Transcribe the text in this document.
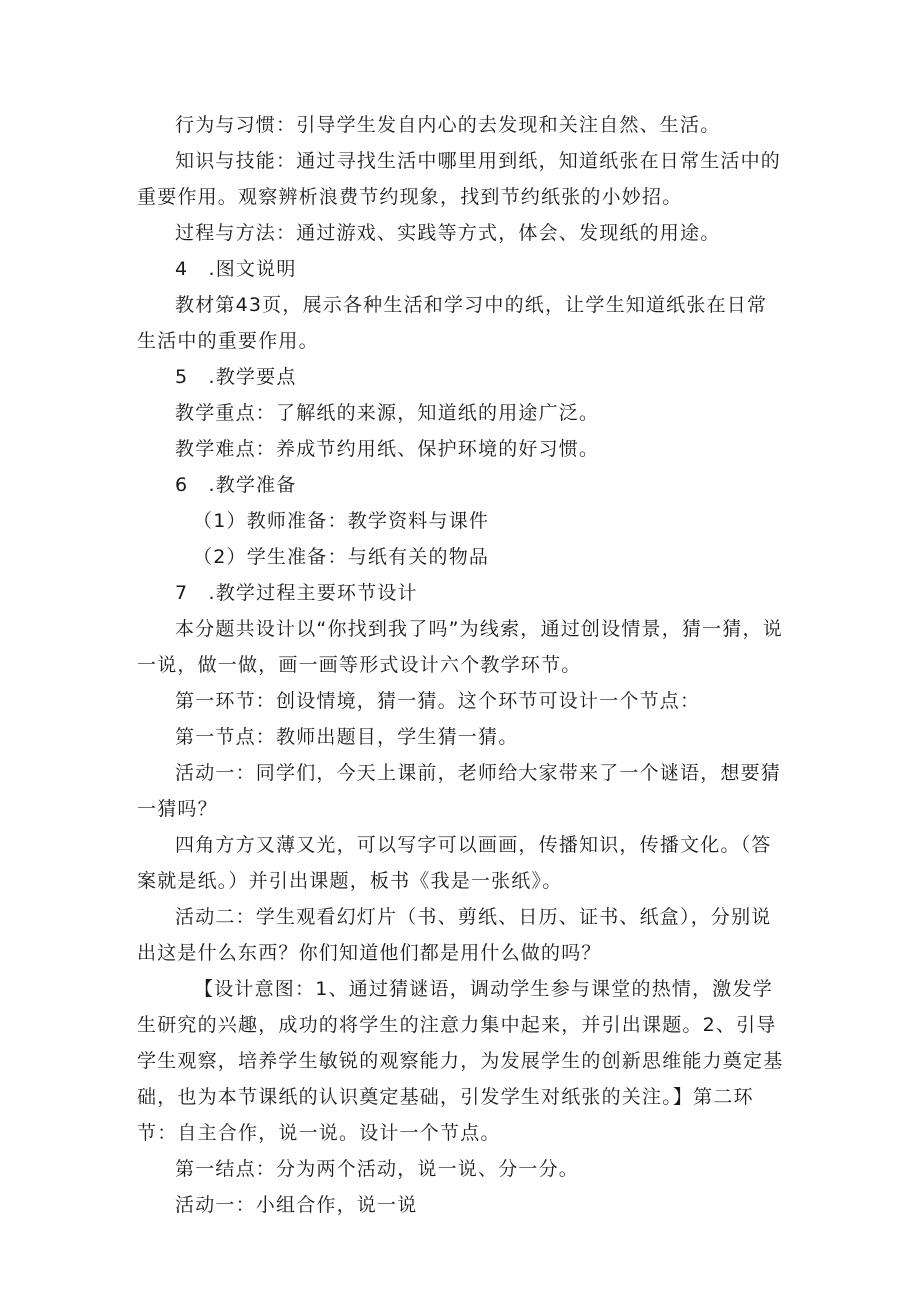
行为与习惯：引导学生发自内心的去发现和关注自然、生活。

知识与技能：通过寻找生活中哪里用到纸，知道纸张在日常生活中的重要作用。观察辨析浪费节约现象，找到节约纸张的小妙招。

过程与方法：通过游戏、实践等方式，体会、发现纸的用途。

4　.图文说明

教材第43页，展示各种生活和学习中的纸，让学生知道纸张在日常生活中的重要作用。

5　.教学要点

教学重点：了解纸的来源，知道纸的用途广泛。

教学难点：养成节约用纸、保护环境的好习惯。

6　.教学准备

（1）教师准备：教学资料与课件

（2）学生准备：与纸有关的物品

7　.教学过程主要环节设计

本分题共设计以“你找到我了吗”为线索，通过创设情景，猜一猜，说一说，做一做，画一画等形式设计六个教学环节。

第一环节：创设情境，猜一猜。这个环节可设计一个节点：

第一节点：教师出题目，学生猜一猜。

活动一：同学们，今天上课前，老师给大家带来了一个谜语，想要猜一猜吗？

四角方方又薄又光，可以写字可以画画，传播知识，传播文化。（答案就是纸。）并引出课题，板书《我是一张纸》。

活动二：学生观看幻灯片（书、剪纸、日历、证书、纸盒），分别说出这是什么东西？你们知道他们都是用什么做的吗？

【设计意图：1、通过猜谜语，调动学生参与课堂的热情，激发学生研究的兴趣，成功的将学生的注意力集中起来，并引出课题。2、引导学生观察，培养学生敏锐的观察能力，为发展学生的创新思维能力奠定基础，也为本节课纸的认识奠定基础，引发学生对纸张的关注。】第二环节：自主合作，说一说。设计一个节点。

第一结点：分为两个活动，说一说、分一分。

活动一：小组合作，说一说
